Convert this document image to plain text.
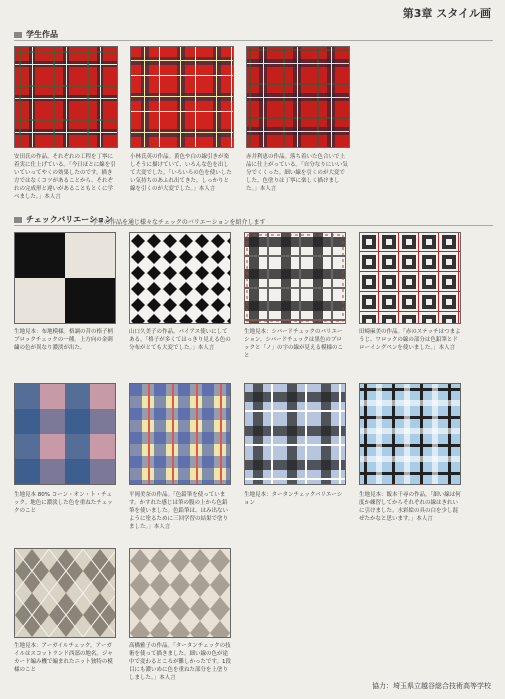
第3章 スタイル画
学生作品
安田氏の作品。それぞれの工程を丁寧に着実に仕上げている。「今日ほとに線を引いていってやくの効果したのです。描き方ではなくコツがあることから、それぞれの完成形と違いがあることもとくに学べました。」本人言
小林氏英の作品。黄色や白の線引きが楽しそうに描けていて、いろんな色を出して大変でした。「いろいろの色を使いしたい気持ちのあふれ出てきた。しっかりと線を引くのが大変でした。」本人言
赤井利恵の作品。落ち着いた色合いで上品に仕上がっている。「自分なりにいい気分でくくった。細い線を引くのが大変でした。色塗りは丁寧に楽しく描けました。」本人言
チェックバリエーション
学生の作品を通じ様々なチェックのバリエーションを紹介します
生地見本：布地模様。格調の昔の格子柄ブロックチェックの一種。上方向の金刺繍の色が異なり濃淡が出た。
山口久美子の作品。バイアス使いにしてある。「格子が多くてはっきり見える色の分布がとても大変でした。」本人言
生地見本：シバードチェックのバリエーション。シバードチェックは黒色のブロックと「ノ」の字の線が見える模様のこと
田崎麻美の作品。「赤のステッチはつまようじ、ワロックの線の部分は色鉛筆とドローイングペンを使いました。」本人言
生地見本 80% コーン・オン・ト・チェック。地色に濃淡した色を重ねたチェックのこと
平岡美奈の作品。「色鉛筆を使っています。かすれた感じは筆の腹の上から色鉛筆を使いました。色鉛筆は、はみ出ないように塗るために三回学習の結果で塗りました。」本人言
生地見本：タータンチェックバリエーション
生地見本：飯本千尋の作品。「細い線は何度か練習してからそれぞれの線はきれいに引けました。水彩絵の具の白を少し混ぜたかなと思います。」本人言
生地見本：アーガイルチェック。アーガイルはスコットランド西部の地名。ジャカード編み機で編まれたニット独特の模様のこと
高橋雅子の作品。「タータンチェックの技術を使って描きました。細い線の色が途中で変わるところが難しかったです。1段目にも濃いめに色を重ねた部分を上塗りしました。」本人言
協力：埼玉県立越谷総合技術高等学校
